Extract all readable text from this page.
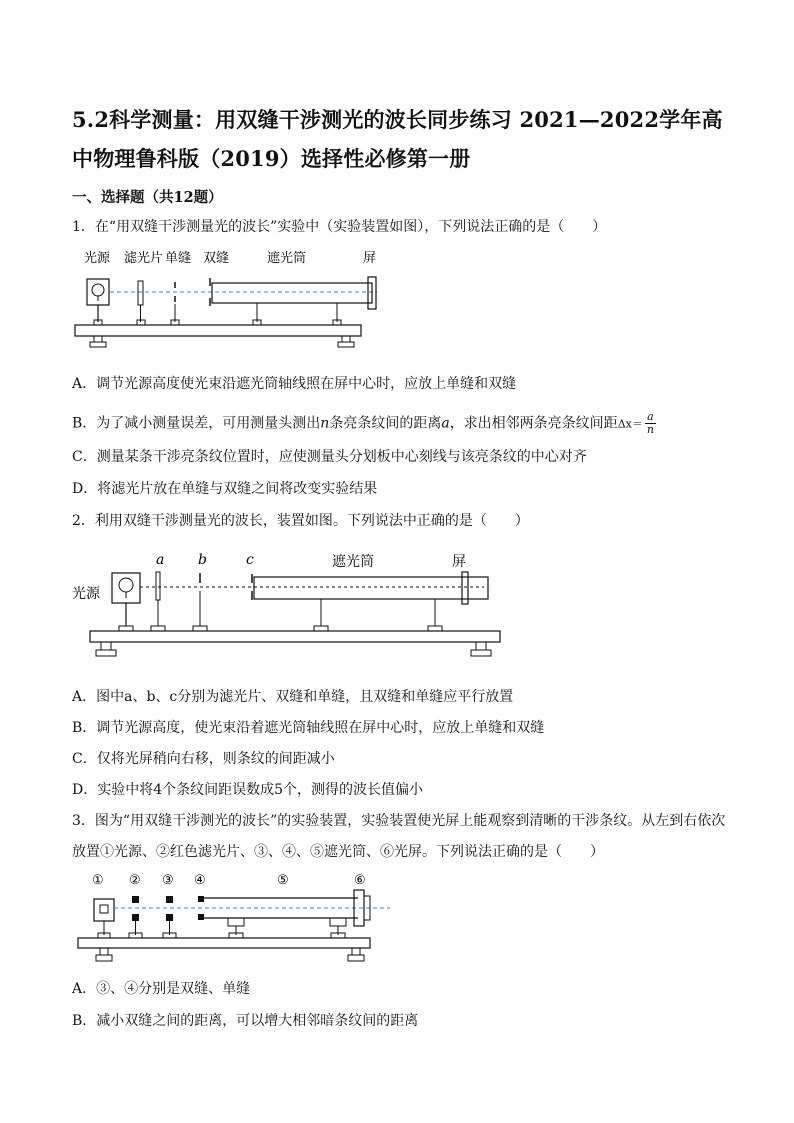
5.2科学测量：用双缝干涉测光的波长同步练习 2021—2022学年高中物理鲁科版（2019）选择性必修第一册
一、选择题（共12题）
1．在“用双缝干涉测量光的波长”实验中（实验装置如图），下列说法正确的是（　　）
光源 滤光片 单缝 双缝	遮光筒	屏
A．调节光源高度使光束沿遮光筒轴线照在屏中心时，应放上单缝和双缝
B．为了减小测量误差，可用测量头测出n条亮条纹间的距离a，求出相邻两条亮条纹间距$\Delta x= \frac{a}{n}$
C．测量某条干涉亮条纹位置时，应使测量头分划板中心刻线与该亮条纹的中心对齐
D．将滤光片放在单缝与双缝之间将改变实验结果
2．利用双缝干涉测量光的波长，装置如图。下列说法中正确的是（　　）
a b	c	遮光筒	屏
光源
A．图中a、b、c分别为滤光片、双缝和单缝，且双缝和单缝应平行放置
B．调节光源高度，使光束沿着遮光筒轴线照在屏中心时，应放上单缝和双缝
C．仅将光屏稍向右移，则条纹的间距减小
D．实验中将4个条纹间距误数成5个，测得的波长值偏小
3．图为“用双缝干涉测光的波长”的实验装置，实验装置使光屏上能观察到清晰的干涉条纹。从左到右依次
放置①光源、②红色滤光片、③、④、⑤遮光筒、⑥光屏。下列说法正确的是（　　）
① ② ③ ④	⑤	⑥
A．③、④分别是双缝、单缝
B．减小双缝之间的距离，可以增大相邻暗条纹间的距离
